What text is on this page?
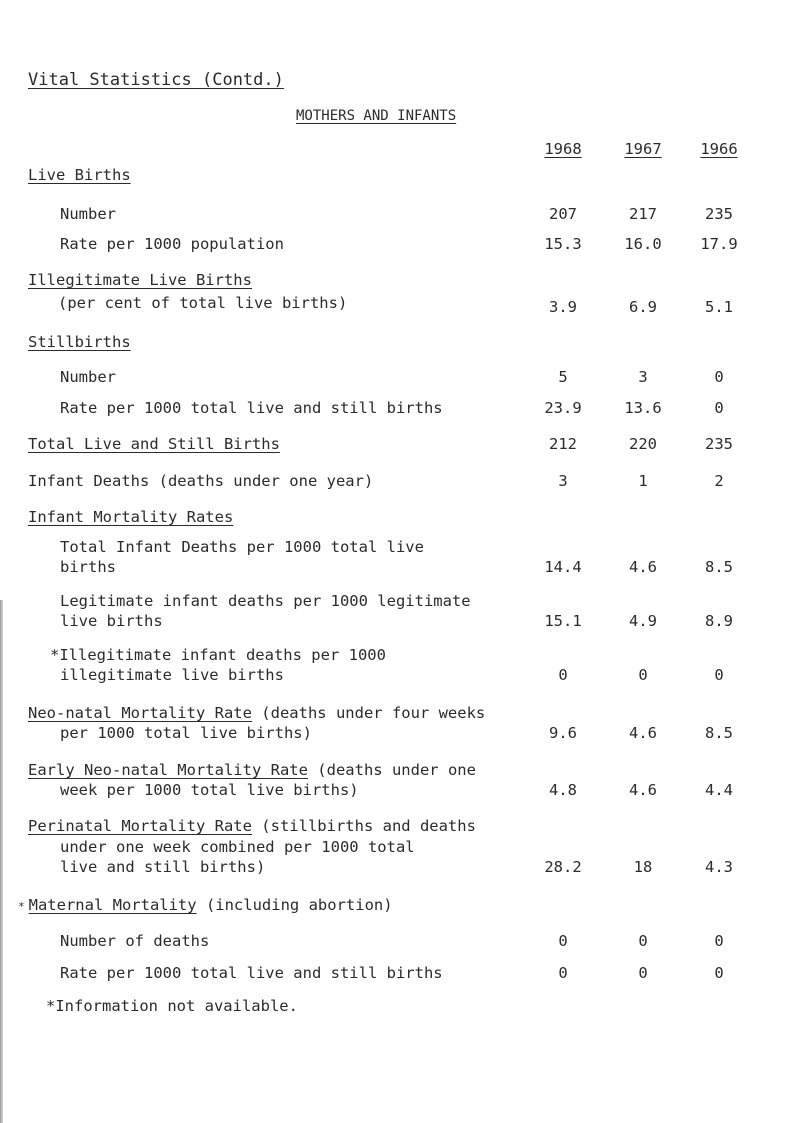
Vital Statistics (Contd.)
MOTHERS AND INFANTS
1968	1967	1966
Live Births
Number	207	217	235
Rate per 1000 population	15.3	16.0	17.9
Illegitimate Live Births
(per cent of total live births)	3.9	6.9	5.1
Stillbirths
Number	5	3	0
Rate per 1000 total live and still births	23.9	13.6	0
Total Live and Still Births	212	220	235
Infant Deaths (deaths under one year)	3	1	2
Infant Mortality Rates
Total Infant Deaths per 1000 total live
births	14.4	4.6	8.5
Legitimate infant deaths per 1000 legitimate
live births	15.1	4.9	8.9
*Illegitimate infant deaths per 1000
illegitimate live births	0	0	0
Neo-natal Mortality Rate (deaths under four weeks
per 1000 total live births)	9.6	4.6	8.5
Early Neo-natal Mortality Rate (deaths under one
week per 1000 total live births)	4.8	4.6	4.4
Perinatal Mortality Rate (stillbirths and deaths
under one week combined per 1000 total
live and still births)	28.2	18	4.3
* Maternal Mortality (including abortion)
Number of deaths	0	0	0
Rate per 1000 total live and still births	0	0	0
*Information not available.
